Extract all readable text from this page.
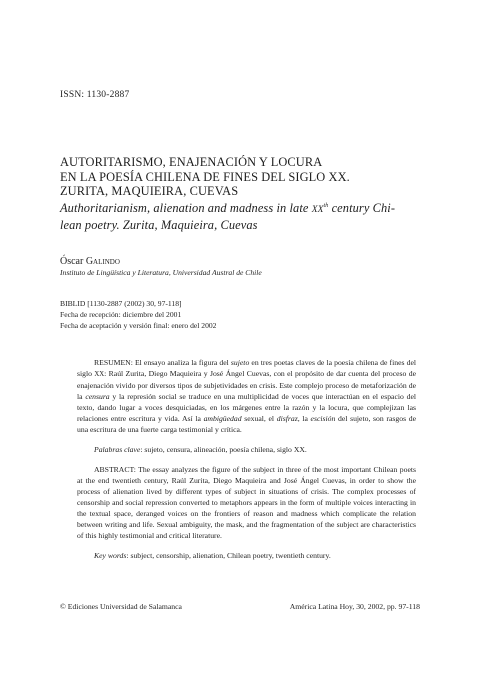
ISSN: 1130-2887
AUTORITARISMO, ENAJENACIÓN Y LOCURA
EN LA POESÍA CHILENA DE FINES DEL SIGLO XX.
ZURITA, MAQUIEIRA, CUEVAS
Authoritarianism, alienation and madness in late XXth century Chi-
lean poetry. Zurita, Maquieira, Cuevas
Óscar Galindo
Instituto de Lingüística y Literatura, Universidad Austral de Chile
BIBLID [1130-2887 (2002) 30, 97-118]
Fecha de recepción: diciembre del 2001
Fecha de aceptación y versión final: enero del 2002

RESUMEN: El ensayo analiza la figura del sujeto en tres poetas claves de la poesía chilena de fines del siglo XX: Raúl Zurita, Diego Maquieira y José Ángel Cuevas, con el propósito de dar cuenta del proceso de enajenación vivido por diversos tipos de subjetividades en crisis. Este complejo proceso de metaforización de la censura y la represión social se traduce en una multiplicidad de voces que interactúan en el espacio del texto, dando lugar a voces desquiciadas, en los márgenes entre la razón y la locura, que complejizan las relaciones entre escritura y vida. Así la ambigüedad sexual, el disfraz, la escisión del sujeto, son rasgos de una escritura de una fuerte carga testimonial y crítica.

Palabras clave: sujeto, censura, alineación, poesía chilena, siglo XX.

ABSTRACT: The essay analyzes the figure of the subject in three of the most important Chilean poets at the end twentieth century, Raúl Zurita, Diego Maquieira and José Ángel Cuevas, in order to show the process of alienation lived by different types of subject in situations of crisis. The complex processes of censorship and social repression converted to metaphors appears in the form of multiple voices interacting in the textual space, deranged voices on the frontiers of reason and madness which complicate the relation between writing and life. Sexual ambiguity, the mask, and the fragmentation of the subject are characteristics of this highly testimonial and critical literature.

Key words: subject, censorship, alienation, Chilean poetry, twentieth century.

© Ediciones Universidad de Salamanca	América Latina Hoy, 30, 2002, pp. 97-118
